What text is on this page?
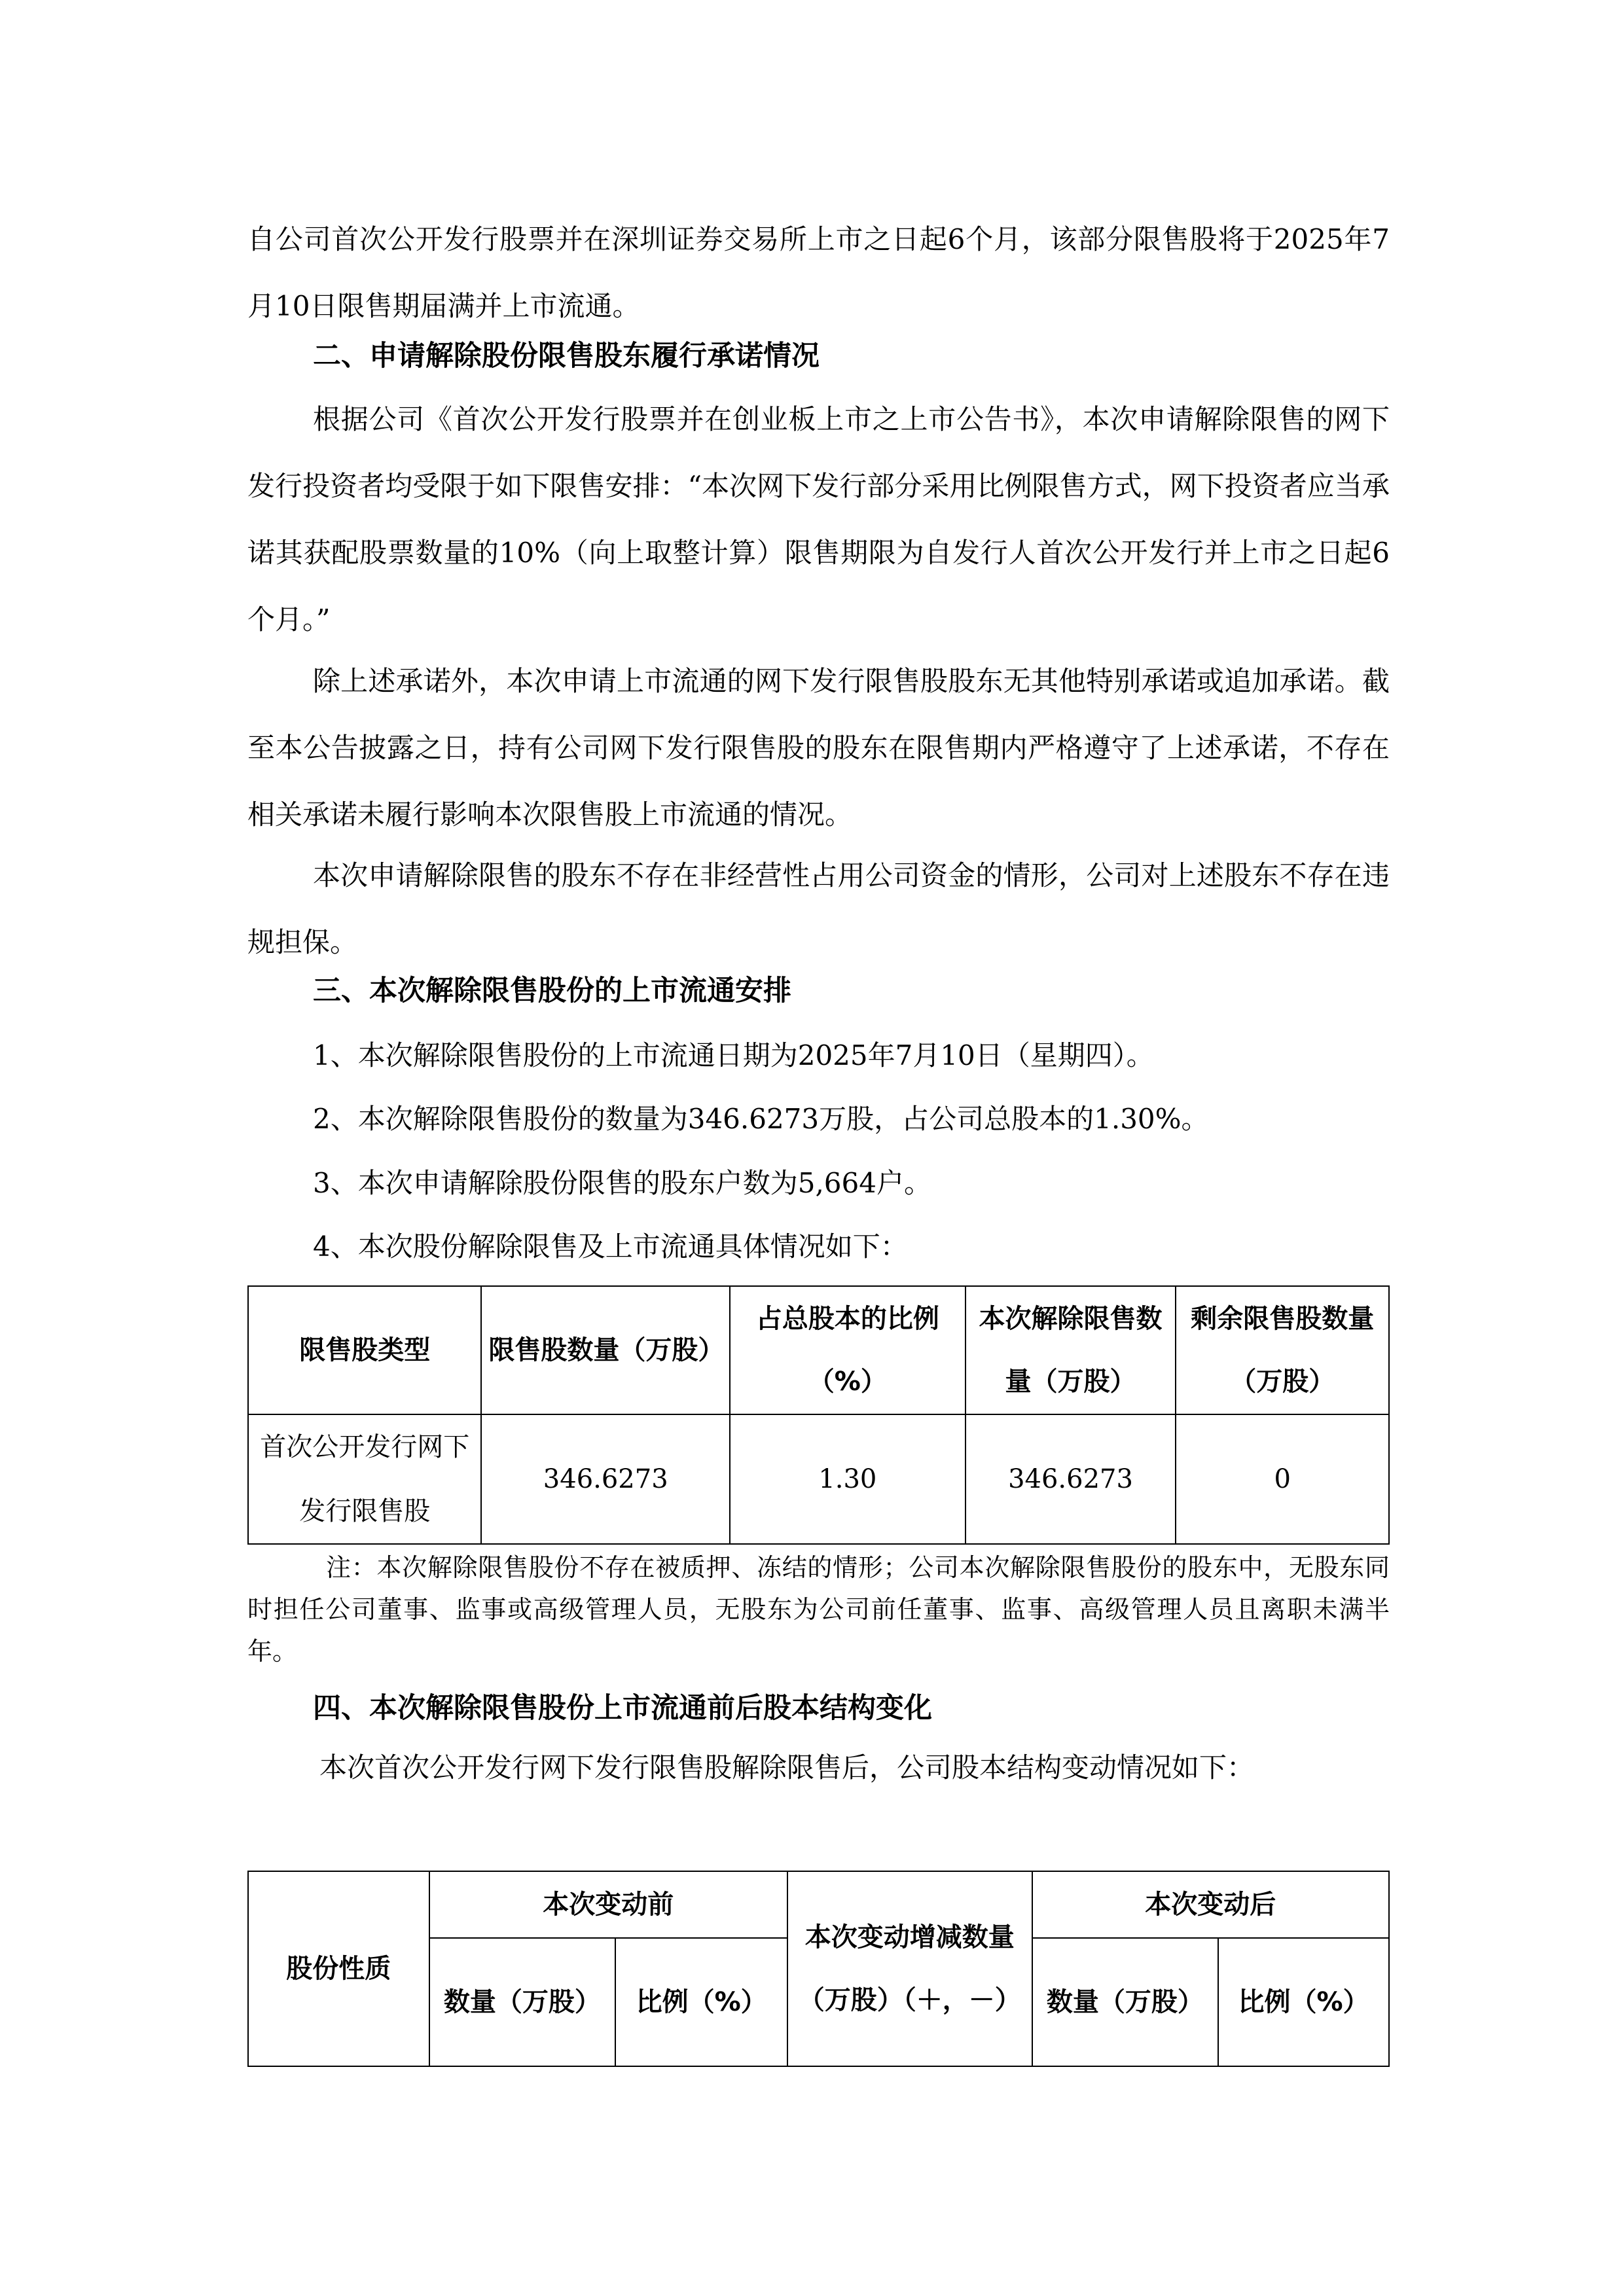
自公司首次公开发行股票并在深圳证券交易所上市之日起6个月，该部分限售股将于2025年7月10日限售期届满并上市流通。

二、申请解除股份限售股东履行承诺情况

根据公司《首次公开发行股票并在创业板上市之上市公告书》，本次申请解除限售的网下发行投资者均受限于如下限售安排：“本次网下发行部分采用比例限售方式，网下投资者应当承诺其获配股票数量的10%（向上取整计算）限售期限为自发行人首次公开发行并上市之日起6个月。”

除上述承诺外，本次申请上市流通的网下发行限售股股东无其他特别承诺或追加承诺。截至本公告披露之日，持有公司网下发行限售股的股东在限售期内严格遵守了上述承诺，不存在相关承诺未履行影响本次限售股上市流通的情况。

本次申请解除限售的股东不存在非经营性占用公司资金的情形，公司对上述股东不存在违规担保。

三、本次解除限售股份的上市流通安排

1、本次解除限售股份的上市流通日期为2025年7月10日（星期四）。

2、本次解除限售股份的数量为346.6273万股，占公司总股本的1.30%。

3、本次申请解除股份限售的股东户数为5,664户。

4、本次股份解除限售及上市流通具体情况如下：

限售股类型	限售股数量（万股）	占总股本的比例（%）	本次解除限售数量（万股）	剩余限售股数量（万股）
首次公开发行网下发行限售股	346.6273	1.30	346.6273	0

注：本次解除限售股份不存在被质押、冻结的情形；公司本次解除限售股份的股东中，无股东同时担任公司董事、监事或高级管理人员，无股东为公司前任董事、监事、高级管理人员且离职未满半年。

四、本次解除限售股份上市流通前后股本结构变化

本次首次公开发行网下发行限售股解除限售后，公司股本结构变动情况如下：

股份性质	本次变动前		本次变动增减数量（万股）（＋，－）	本次变动后	
	数量（万股）	比例（%）		数量（万股）	比例（%）
